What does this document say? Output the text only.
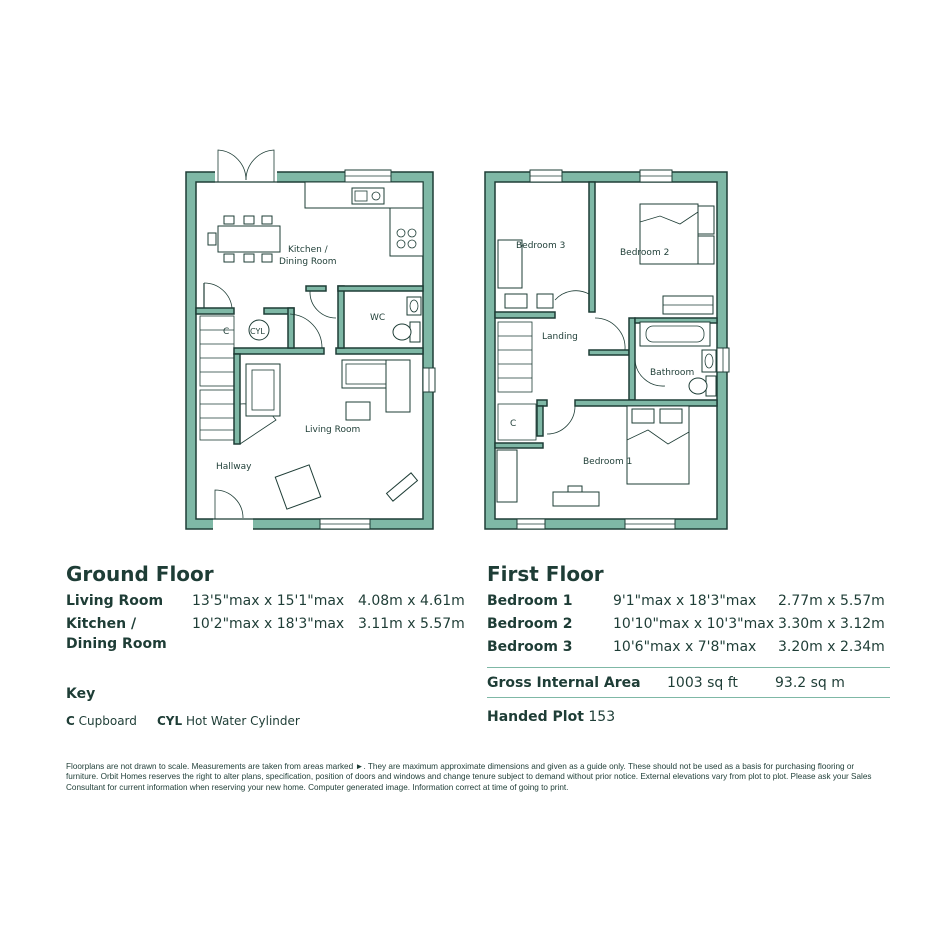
Kitchen /
Dining Room
WC
C	CYL
Living Room
Hallway
Bedroom 3
Bedroom 2
Landing
Bathroom
C
Bedroom 1
Ground Floor
Living Room 13'5"max x 15'1"max 4.08m x 4.61m
Kitchen /
Dining Room
10'2"max x 18'3"max 3.11m x 5.57m
Key
C Cupboard CYL Hot Water Cylinder
First Floor
Bedroom 1	9'1"max x 18'3"max 2.77m x 5.57m
Bedroom 2	10'10"max x 10'3"max 3.30m x 3.12m
Bedroom 3	10'6"max x 7'8"max 3.20m x 2.34m
Gross Internal Area 1003 sq ft	93.2 sq m
Handed Plot 153
Floorplans are not drawn to scale. Measurements are taken from areas marked ►. They are maximum approximate dimensions and given as a guide only. These should not be used as a basis for purchasing flooring or furniture. Orbit Homes reserves the right to alter plans, specification, position of doors and windows and change tenure subject to demand without prior notice. External elevations vary from plot to plot. Please ask your Sales Consultant for current information when reserving your new home. Computer generated image. Information correct at time of going to print.
